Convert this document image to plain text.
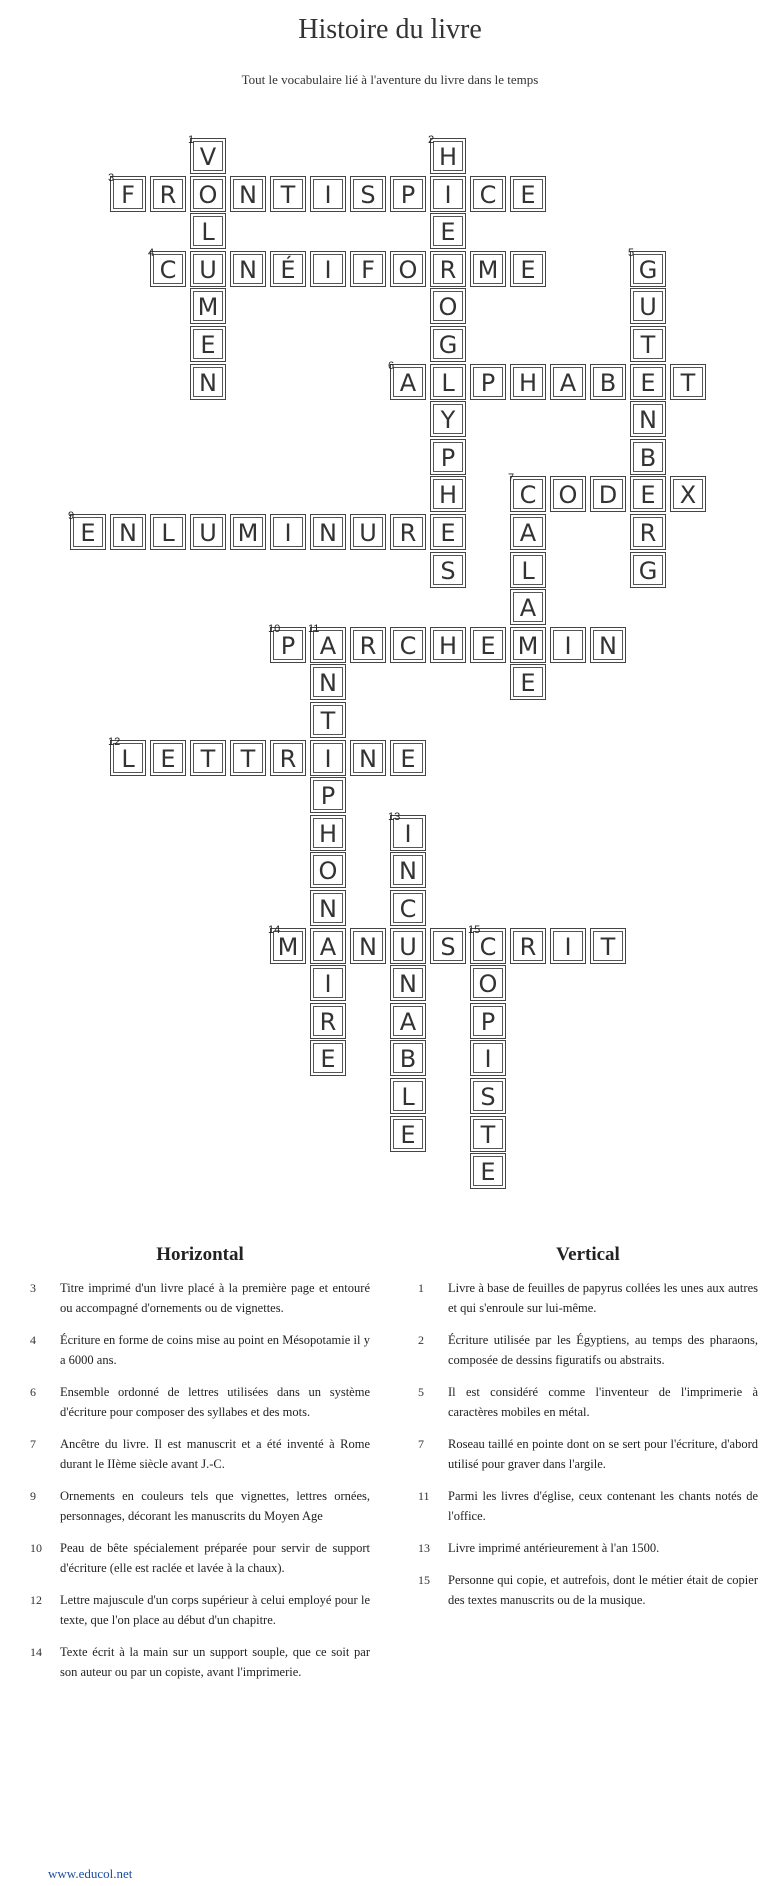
Histoire du livre
Tout le vocabulaire lié à l'aventure du livre dans le temps
V
1
O
L
U
M
E
N
H
2
I
E
R
O
G
L
Y
P
H
E
S
F
3
R	N T	I	S	P	C	E
C
4
N É	I	F O	M E	G
5
U
T
E
N
B
E
R
G
A
6
P H A B	T
C
7
O D	X
A
L
A
M
E
E
9
N	L	U M	I	N U R
P
10
A
11
R C H E	I	N
N
T
I
P
H
O
N
A
I
R
E
L
12
E	T	T	R	N E
I
13
N
C
U
N
A
B
L
E
M
14
N	S	C
15
R	I	T
O
P
I
S
T
E
Horizontal
3	Titre imprimé d'un livre placé à la première page et entouré ou accompagné d'ornements ou de vignettes.
4	Écriture en forme de coins mise au point en Mésopotamie il y a 6000 ans.
6	Ensemble ordonné de lettres utilisées dans un système d'écriture pour composer des syllabes et des mots.
7	Ancêtre du livre. Il est manuscrit et a été inventé à Rome durant le IIème siècle avant J.-C.
9	Ornements en couleurs tels que vignettes, lettres ornées, personnages, décorant les manuscrits du Moyen Age
10	Peau de bête spécialement préparée pour servir de support d'écriture (elle est raclée et lavée à la chaux).
12	Lettre majuscule d'un corps supérieur à celui employé pour le texte, que l'on place au début d'un chapitre.
14	Texte écrit à la main sur un support souple, que ce soit par son auteur ou par un copiste, avant l'imprimerie.
Vertical
1	Livre à base de feuilles de papyrus collées les unes aux autres et qui s'enroule sur lui-même.
2	Écriture utilisée par les Égyptiens, au temps des pharaons, composée de dessins figuratifs ou abstraits.
5	Il est considéré comme l'inventeur de l'imprimerie à caractères mobiles en métal.
7	Roseau taillé en pointe dont on se sert pour l'écriture, d'abord utilisé pour graver dans l'argile.
11	Parmi les livres d'église, ceux contenant les chants notés de l'office.
13	Livre imprimé antérieurement à l'an 1500.
15	Personne qui copie, et autrefois, dont le métier était de copier des textes manuscrits ou de la musique.
www.educol.net
